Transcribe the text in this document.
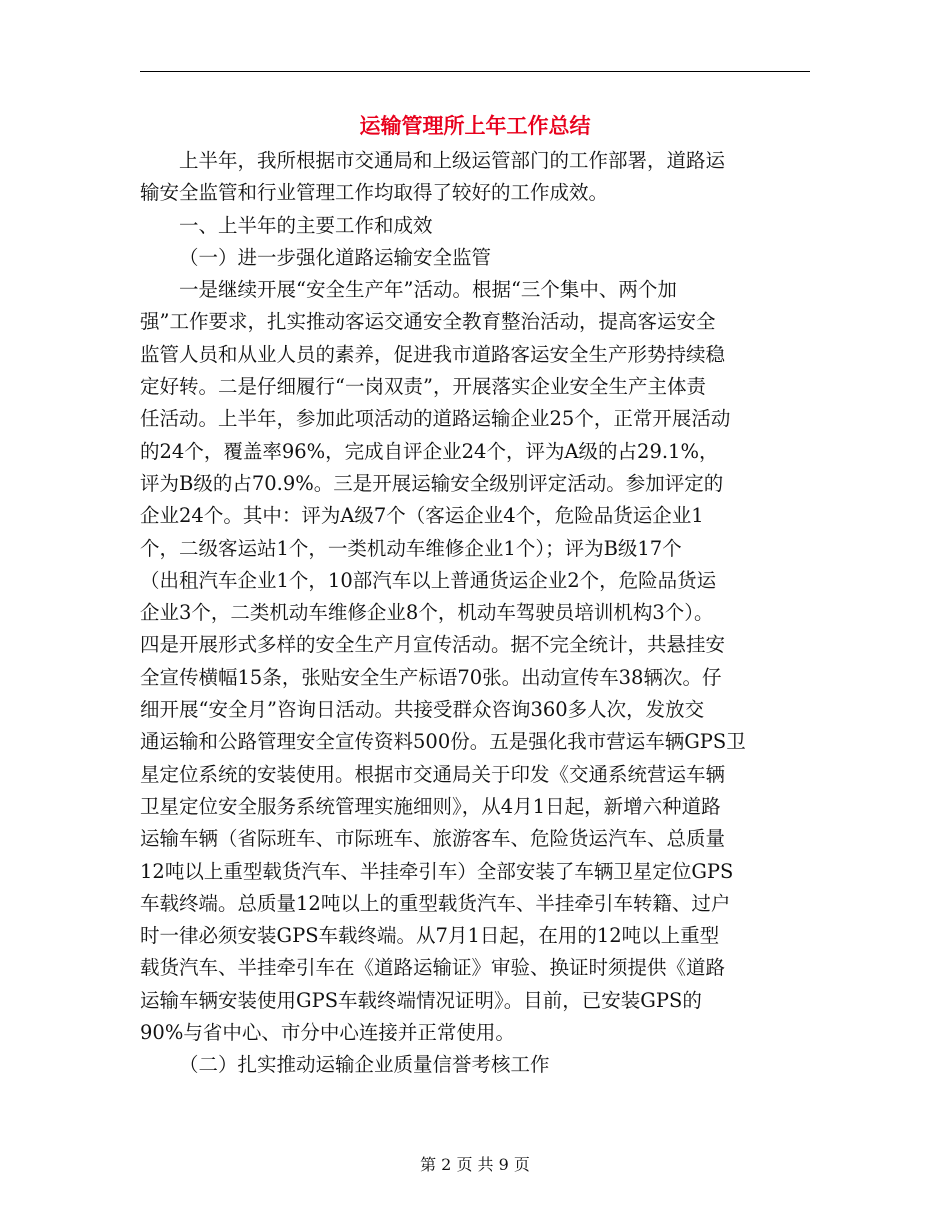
运输管理所上年工作总结
上半年，我所根据市交通局和上级运管部门的工作部署，道路运
输安全监管和行业管理工作均取得了较好的工作成效。
一、上半年的主要工作和成效
（一）进一步强化道路运输安全监管
一是继续开展“安全生产年”活动。根据“三个集中、两个加
强”工作要求，扎实推动客运交通安全教育整治活动，提高客运安全
监管人员和从业人员的素养，促进我市道路客运安全生产形势持续稳
定好转。二是仔细履行“一岗双责”，开展落实企业安全生产主体责
任活动。上半年，参加此项活动的道路运输企业25个，正常开展活动
的24个，覆盖率96%，完成自评企业24个，评为A级的占29.1%，
评为B级的占70.9%。三是开展运输安全级别评定活动。参加评定的
企业24个。其中：评为A级7个（客运企业4个，危险品货运企业1
个，二级客运站1个，一类机动车维修企业1个）；评为B级17个
（出租汽车企业1个，10部汽车以上普通货运企业2个，危险品货运
企业3个，二类机动车维修企业8个，机动车驾驶员培训机构3个）。
四是开展形式多样的安全生产月宣传活动。据不完全统计，共悬挂安
全宣传横幅15条，张贴安全生产标语70张。出动宣传车38辆次。仔
细开展“安全月”咨询日活动。共接受群众咨询360多人次，发放交
通运输和公路管理安全宣传资料500份。五是强化我市营运车辆GPS卫
星定位系统的安装使用。根据市交通局关于印发《交通系统营运车辆
卫星定位安全服务系统管理实施细则》，从4月1日起，新增六种道路
运输车辆（省际班车、市际班车、旅游客车、危险货运汽车、总质量
12吨以上重型载货汽车、半挂牵引车）全部安装了车辆卫星定位GPS
车载终端。总质量12吨以上的重型载货汽车、半挂牵引车转籍、过户
时一律必须安装GPS车载终端。从7月1日起，在用的12吨以上重型
载货汽车、半挂牵引车在《道路运输证》审验、换证时须提供《道路
运输车辆安装使用GPS车载终端情况证明》。目前，已安装GPS的
90%与省中心、市分中心连接并正常使用。
（二）扎实推动运输企业质量信誉考核工作
第 2 页 共 9 页
